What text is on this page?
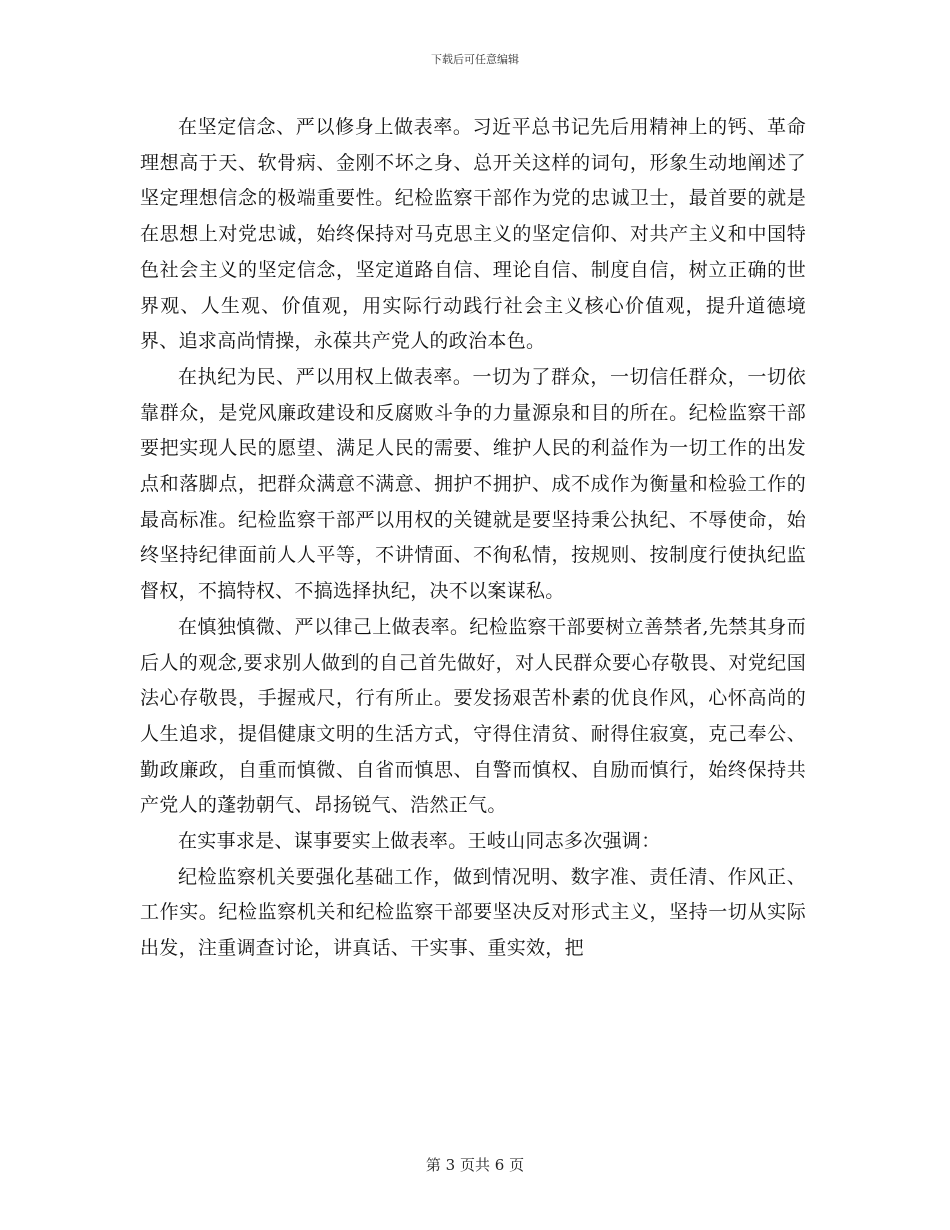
下载后可任意编辑

在坚定信念、严以修身上做表率。习近平总书记先后用精神上的钙、革命理想高于天、软骨病、金刚不坏之身、总开关这样的词句，形象生动地阐述了坚定理想信念的极端重要性。纪检监察干部作为党的忠诚卫士，最首要的就是在思想上对党忠诚，始终保持对马克思主义的坚定信仰、对共产主义和中国特色社会主义的坚定信念，坚定道路自信、理论自信、制度自信，树立正确的世界观、人生观、价值观，用实际行动践行社会主义核心价值观，提升道德境界、追求高尚情操，永葆共产党人的政治本色。

在执纪为民、严以用权上做表率。一切为了群众，一切信任群众，一切依靠群众，是党风廉政建设和反腐败斗争的力量源泉和目的所在。纪检监察干部要把实现人民的愿望、满足人民的需要、维护人民的利益作为一切工作的出发点和落脚点，把群众满意不满意、拥护不拥护、成不成作为衡量和检验工作的最高标准。纪检监察干部严以用权的关键就是要坚持秉公执纪、不辱使命，始终坚持纪律面前人人平等，不讲情面、不徇私情，按规则、按制度行使执纪监督权，不搞特权、不搞选择执纪，决不以案谋私。

在慎独慎微、严以律己上做表率。纪检监察干部要树立善禁者,先禁其身而后人的观念,要求别人做到的自己首先做好，对人民群众要心存敬畏、对党纪国法心存敬畏，手握戒尺，行有所止。要发扬艰苦朴素的优良作风，心怀高尚的人生追求，提倡健康文明的生活方式，守得住清贫、耐得住寂寞，克己奉公、勤政廉政，自重而慎微、自省而慎思、自警而慎权、自励而慎行，始终保持共产党人的蓬勃朝气、昂扬锐气、浩然正气。

在实事求是、谋事要实上做表率。王岐山同志多次强调：

纪检监察机关要强化基础工作，做到情况明、数字准、责任清、作风正、工作实。纪检监察机关和纪检监察干部要坚决反对形式主义，坚持一切从实际出发，注重调查讨论，讲真话、干实事、重实效，把

第 3 页共 6 页
